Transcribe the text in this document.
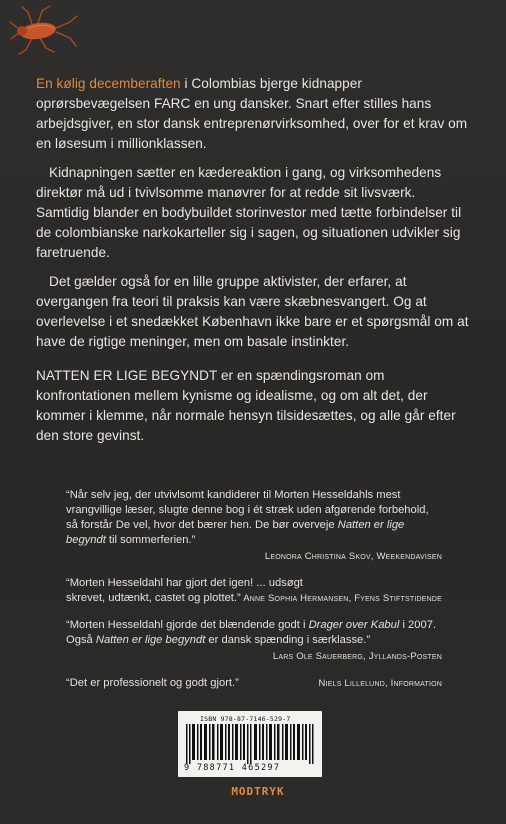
En kølig decemberaften i Colombias bjerge kidnapper oprørsbevægelsen FARC en ung dansker. Snart efter stilles hans arbejdsgiver, en stor dansk entreprenørvirksomhed, over for et krav om en løsesum i millionklassen.

Kidnapningen sætter en kædereaktion i gang, og virksomhedens direktør må ud i tvivlsomme manøvrer for at redde sit livsværk. Samtidig blander en bodybuildet storinvestor med tætte forbindelser til de colombianske narkokarteller sig i sagen, og situationen udvikler sig faretruende.

Det gælder også for en lille gruppe aktivister, der erfarer, at overgangen fra teori til praksis kan være skæbnesvangert. Og at overlevelse i et snedækket København ikke bare er et spørgsmål om at have de rigtige meninger, men om basale instinkter.

NATTEN ER LIGE BEGYNDT er en spændingsroman om konfrontationen mellem kynisme og idealisme, og om alt det, der kommer i klemme, når normale hensyn tilsidesættes, og alle går efter den store gevinst.

“Når selv jeg, der utvivlsomt kandiderer til Morten Hesseldahls mest vrangvillige læser, slugte denne bog i ét stræk uden afgørende forbehold, så forstår De vel, hvor det bærer hen. De bør overveje Natten er lige begyndt til sommerferien.”
Leonora Christina Skov, Weekendavisen
“Morten Hesseldahl har gjort det igen! ... udsøgt skrevet, udtænkt, castet og plottet.” Anne Sophia Hermansen, Fyens Stiftstidende
“Morten Hesseldahl gjorde det blændende godt i Drager over Kabul i 2007. Også Natten er lige begyndt er dansk spænding i særklasse.”
Lars Ole Sauerberg, Jyllands-Posten
“Det er professionelt og godt gjort.”	Niels Lillelund, Information
ISBN 978-87-7146-529-7
9 788771 465297
MODTRYK
